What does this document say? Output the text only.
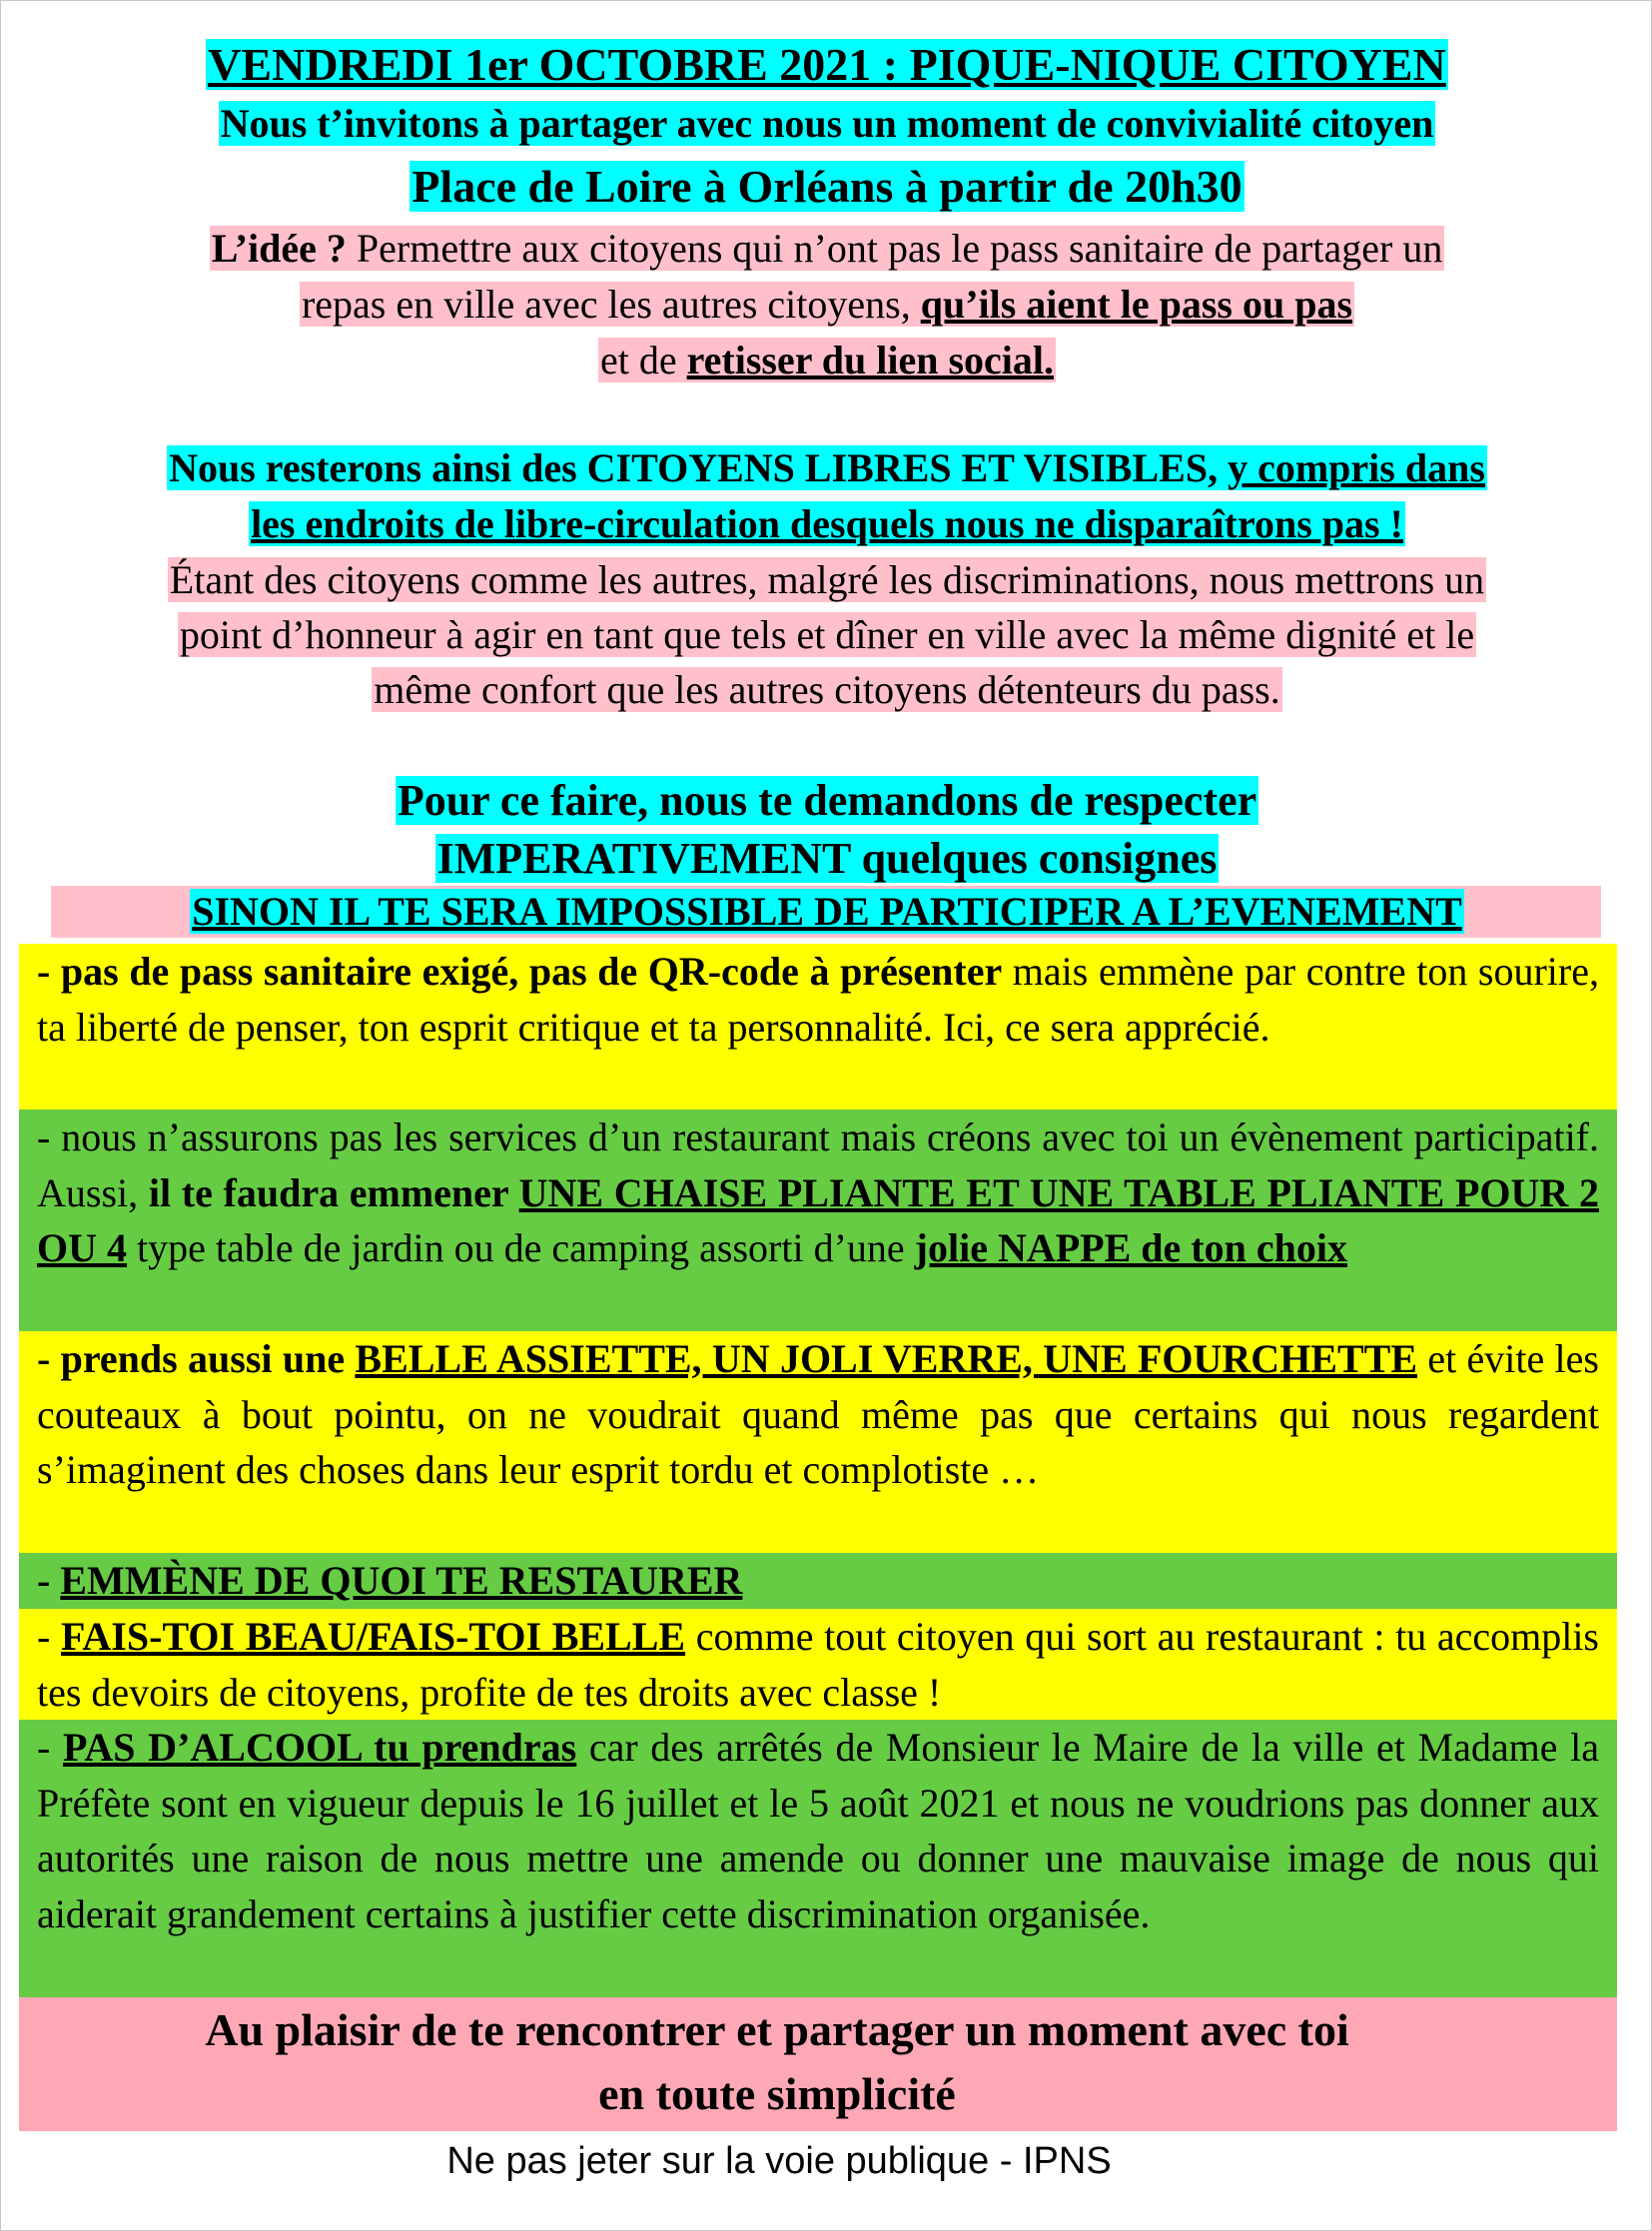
VENDREDI 1er OCTOBRE 2021 : PIQUE-NIQUE CITOYEN
Nous t’invitons à partager avec nous un moment de convivialité citoyen
Place de Loire à Orléans à partir de 20h30
L’idée ? Permettre aux citoyens qui n’ont pas le pass sanitaire de partager un
repas en ville avec les autres citoyens, qu’ils aient le pass ou pas
et de retisser du lien social.
Nous resterons ainsi des CITOYENS LIBRES ET VISIBLES, y compris dans
les endroits de libre-circulation desquels nous ne disparaîtrons pas !
Étant des citoyens comme les autres, malgré les discriminations, nous mettrons un
point d’honneur à agir en tant que tels et dîner en ville avec la même dignité et le
même confort que les autres citoyens détenteurs du pass.
Pour ce faire, nous te demandons de respecter
IMPERATIVEMENT quelques consignes
SINON IL TE SERA IMPOSSIBLE DE PARTICIPER A L’EVENEMENT
- pas de pass sanitaire exigé, pas de QR-code à présenter mais emmène par contre ton sourire, ta liberté de penser, ton esprit critique et ta personnalité. Ici, ce sera apprécié.
- nous n’assurons pas les services d’un restaurant mais créons avec toi un évènement participatif. Aussi, il te faudra emmener UNE CHAISE PLIANTE ET UNE TABLE PLIANTE POUR 2 OU 4 type table de jardin ou de camping assorti d’une jolie NAPPE de ton choix
- prends aussi une BELLE ASSIETTE, UN JOLI VERRE, UNE FOURCHETTE et évite les couteaux à bout pointu, on ne voudrait quand même pas que certains qui nous regardent s’imaginent des choses dans leur esprit tordu et complotiste …
- EMMÈNE DE QUOI TE RESTAURER
- FAIS-TOI BEAU/FAIS-TOI BELLE comme tout citoyen qui sort au restaurant : tu accomplis tes devoirs de citoyens, profite de tes droits avec classe !
- PAS D’ALCOOL tu prendras car des arrêtés de Monsieur le Maire de la ville et Madame la Préfète sont en vigueur depuis le 16 juillet et le 5 août 2021 et nous ne voudrions pas donner aux autorités une raison de nous mettre une amende ou donner une mauvaise image de nous qui aiderait grandement certains à justifier cette discrimination organisée.
Au plaisir de te rencontrer et partager un moment avec toi
en toute simplicité
Ne pas jeter sur la voie publique - IPNS
